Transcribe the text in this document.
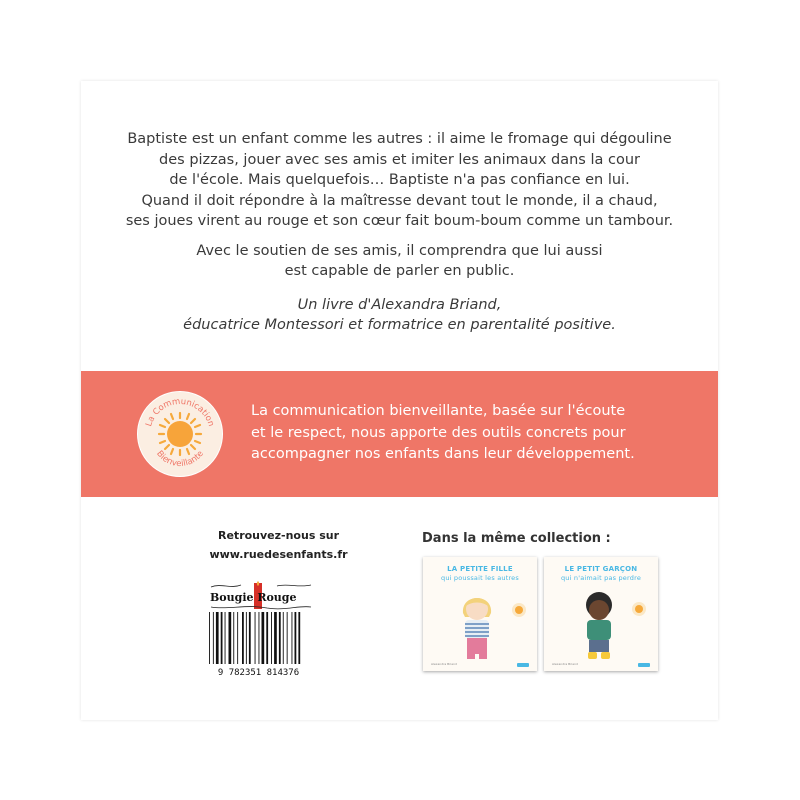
Baptiste est un enfant comme les autres : il aime le fromage qui dégouline
des pizzas, jouer avec ses amis et imiter les animaux dans la cour
de l'école. Mais quelquefois… Baptiste n'a pas confiance en lui.
Quand il doit répondre à la maîtresse devant tout le monde, il a chaud,
ses joues virent au rouge et son cœur fait boum-boum comme un tambour.

Avec le soutien de ses amis, il comprendra que lui aussi
est capable de parler en public.

Un livre d'Alexandra Briand,
éducatrice Montessori et formatrice en parentalité positive.

La Communication
Bienveillante
La communication bienveillante, basée sur l'écoute
et le respect, nous apporte des outils concrets pour
accompagner nos enfants dans leur développement.
Retrouvez-nous sur
www.ruedesenfants.fr
Bougie Rouge
9 782351 814376
Dans la même collection :
Alexandra Briand
LA PETITE FILLE
qui poussait les autres
Alexandra Briand
LE PETIT GARÇON
qui n'aimait pas perdre
